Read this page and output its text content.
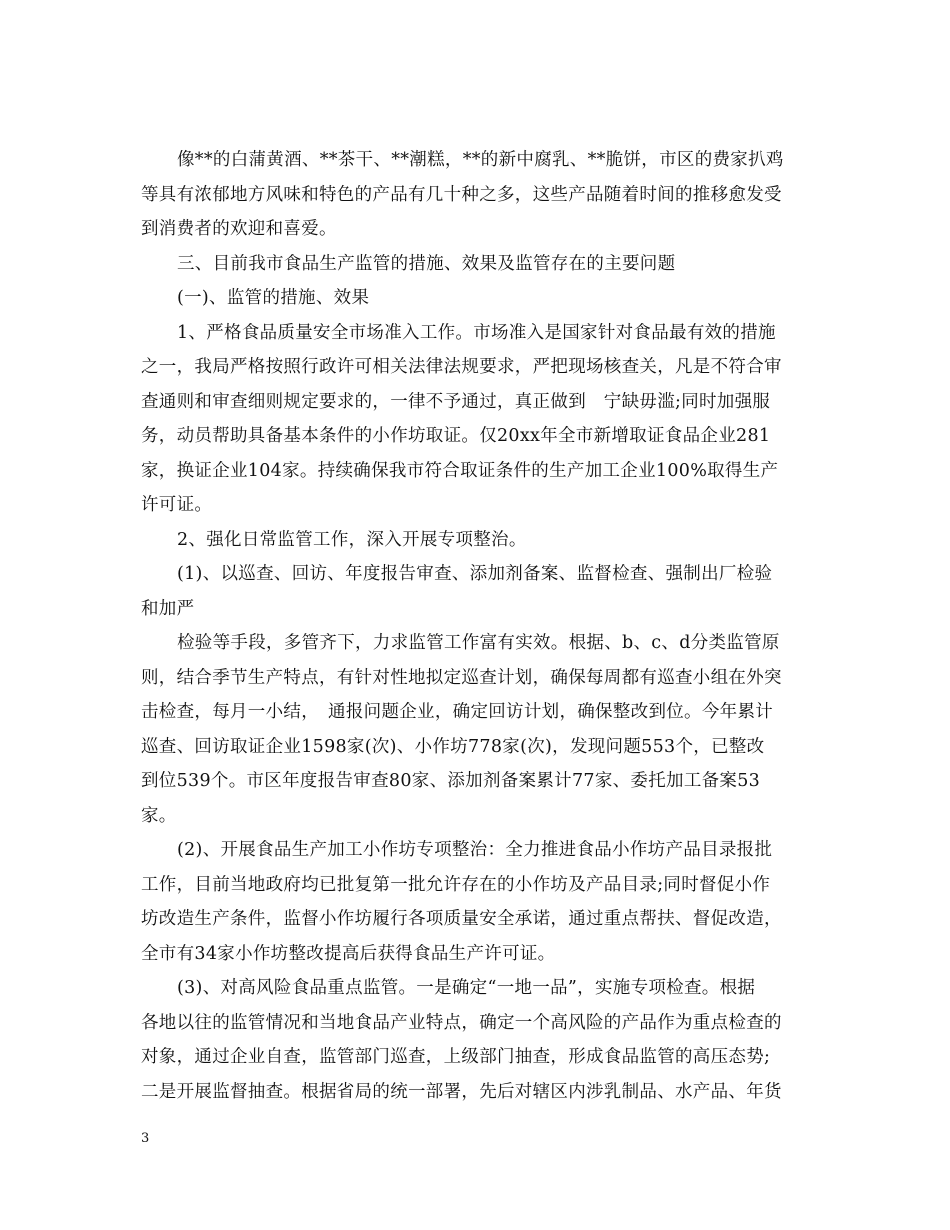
像**的白蒲黄酒、**茶干、**潮糕，**的新中腐乳、**脆饼，市区的费家扒鸡
等具有浓郁地方风味和特色的产品有几十种之多，这些产品随着时间的推移愈发受
到消费者的欢迎和喜爱。
三、目前我市食品生产监管的措施、效果及监管存在的主要问题
(一)、监管的措施、效果
1、严格食品质量安全市场准入工作。市场准入是国家针对食品最有效的措施
之一，我局严格按照行政许可相关法律法规要求，严把现场核查关，凡是不符合审
查通则和审查细则规定要求的，一律不予通过，真正做到　宁缺毋滥;同时加强服
务，动员帮助具备基本条件的小作坊取证。仅20xx年全市新增取证食品企业281
家，换证企业104家。持续确保我市符合取证条件的生产加工企业100%取得生产
许可证。
2、强化日常监管工作，深入开展专项整治。
(1)、以巡查、回访、年度报告审查、添加剂备案、监督检查、强制出厂检验
和加严
检验等手段，多管齐下，力求监管工作富有实效。根据、b、c、d分类监管原
则，结合季节生产特点，有针对性地拟定巡查计划，确保每周都有巡查小组在外突
击检查，每月一小结，　通报问题企业，确定回访计划，确保整改到位。今年累计
巡查、回访取证企业1598家(次)、小作坊778家(次)，发现问题553个，已整改
到位539个。市区年度报告审查80家、添加剂备案累计77家、委托加工备案53
家。
(2)、开展食品生产加工小作坊专项整治：全力推进食品小作坊产品目录报批
工作，目前当地政府均已批复第一批允许存在的小作坊及产品目录;同时督促小作
坊改造生产条件，监督小作坊履行各项质量安全承诺，通过重点帮扶、督促改造，
全市有34家小作坊整改提高后获得食品生产许可证。
(3)、对高风险食品重点监管。一是确定“一地一品”，实施专项检查。根据
各地以往的监管情况和当地食品产业特点，确定一个高风险的产品作为重点检查的
对象，通过企业自查，监管部门巡查，上级部门抽查，形成食品监管的高压态势;
二是开展监督抽查。根据省局的统一部署，先后对辖区内涉乳制品、水产品、年货
3
